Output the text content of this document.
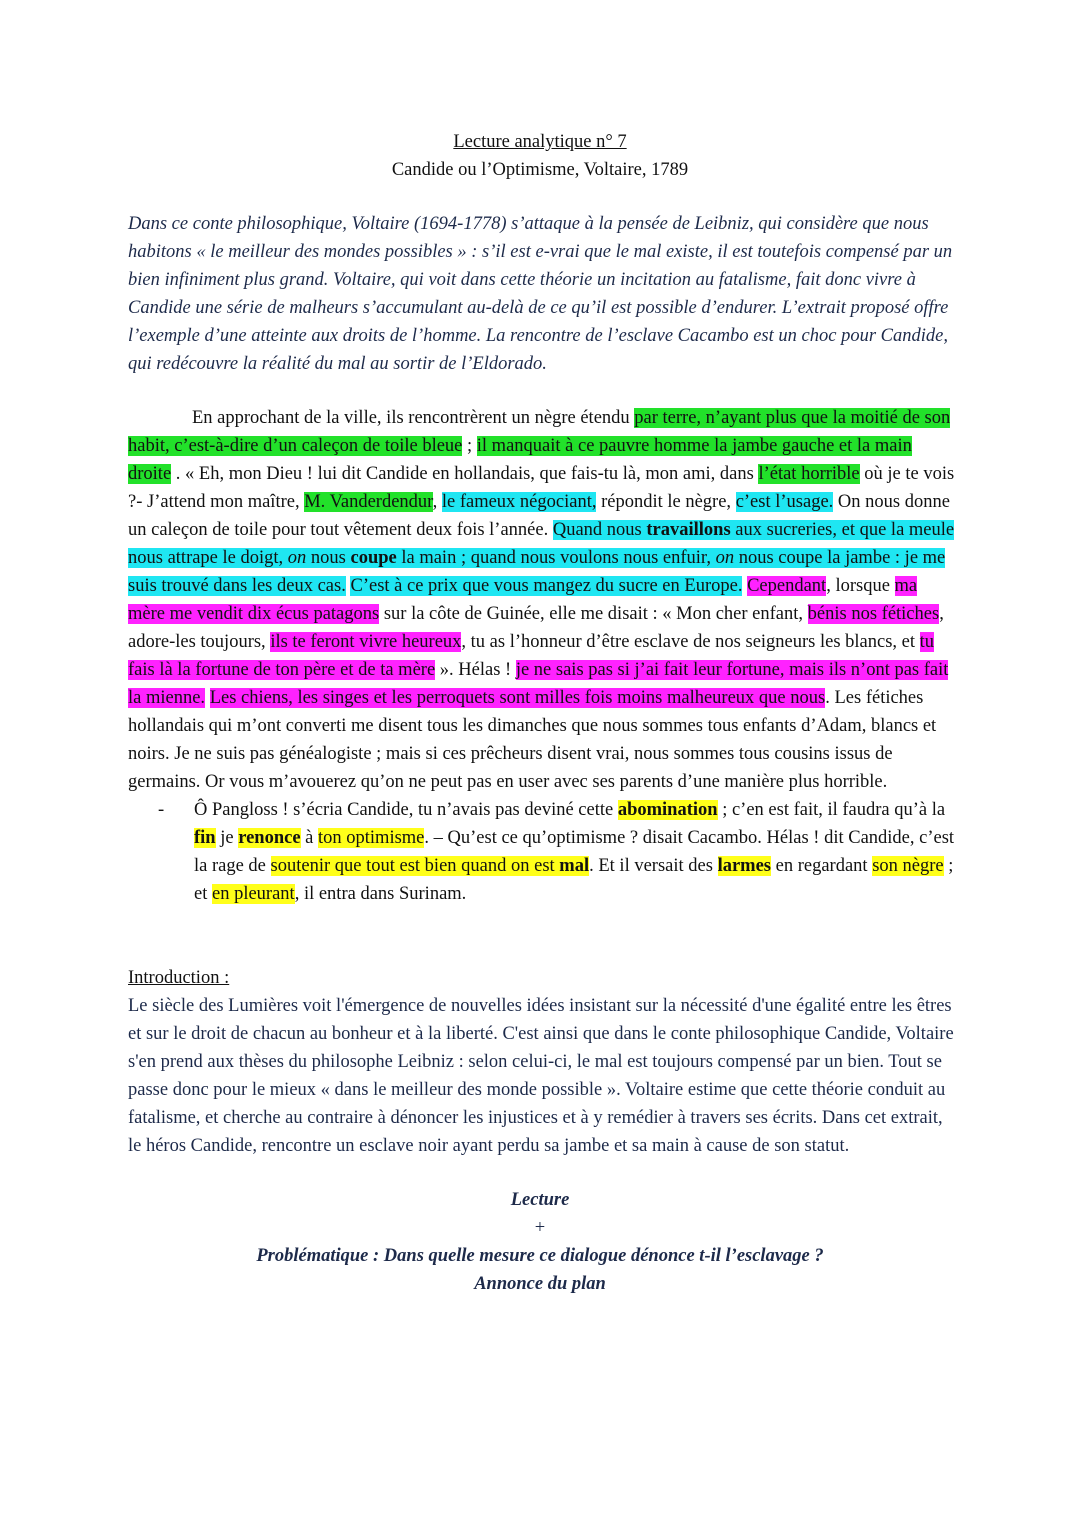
Lecture analytique n° 7
Candide ou l’Optimisme, Voltaire, 1789
Dans ce conte philosophique, Voltaire (1694-1778) s’attaque à la pensée de Leibniz, qui considère que nous habitons « le meilleur des mondes possibles » : s’il est e-vrai que le mal existe, il est toutefois compensé par un bien infiniment plus grand. Voltaire, qui voit dans cette théorie un incitation au fatalisme, fait donc vivre à Candide une série de malheurs s’accumulant au-delà de ce qu’il est possible d’endurer. L’extrait proposé offre l’exemple d’une atteinte aux droits de l’homme. La rencontre de l’esclave Cacambo est un choc pour Candide, qui redécouvre la réalité du mal au sortir de l’Eldorado.

En approchant de la ville, ils rencontrèrent un nègre étendu par terre, n’ayant plus que la moitié de son habit, c’est-à-dire d’un caleçon de toile bleue ; il manquait à ce pauvre homme la jambe gauche et la main droite . « Eh, mon Dieu ! lui dit Candide en hollandais, que fais-tu là, mon ami, dans l’état horrible où je te vois ?- J’attend mon maître, M. Vanderdendur, le fameux négociant, répondit le nègre, c’est l’usage. On nous donne un caleçon de toile pour tout vêtement deux fois l’année. Quand nous travaillons aux sucreries, et que la meule nous attrape le doigt, on nous coupe la main ; quand nous voulons nous enfuir, on nous coupe la jambe : je me suis trouvé dans les deux cas. C’est à ce prix que vous mangez du sucre en Europe. Cependant, lorsque ma mère me vendit dix écus patagons sur la côte de Guinée, elle me disait : « Mon cher enfant, bénis nos fétiches, adore-les toujours, ils te feront vivre heureux, tu as l’honneur d’être esclave de nos seigneurs les blancs, et tu fais là la fortune de ton père et de ta mère ». Hélas ! je ne sais pas si j’ai fait leur fortune, mais ils n’ont pas fait la mienne. Les chiens, les singes et les perroquets sont milles fois moins malheureux que nous. Les fétiches hollandais qui m’ont converti me disent tous les dimanches que nous sommes tous enfants d’Adam, blancs et noirs. Je ne suis pas généalogiste ; mais si ces prêcheurs disent vrai, nous sommes tous cousins issus de germains. Or vous m’avouerez qu’on ne peut pas en user avec ses parents d’une manière plus horrible.

- Ô Pangloss ! s’écria Candide, tu n’avais pas deviné cette abomination ; c’en est fait, il faudra qu’à la fin je renonce à ton optimisme. – Qu’est ce qu’optimisme ? disait Cacambo. Hélas ! dit Candide, c’est la rage de soutenir que tout est bien quand on est mal. Et il versait des larmes en regardant son nègre ; et en pleurant, il entra dans Surinam.

Introduction :
Le siècle des Lumières voit l'émergence de nouvelles idées insistant sur la nécessité d'une égalité entre les êtres et sur le droit de chacun au bonheur et à la liberté. C'est ainsi que dans le conte philosophique Candide, Voltaire s'en prend aux thèses du philosophe Leibniz : selon celui-ci, le mal est toujours compensé par un bien. Tout se passe donc pour le mieux « dans le meilleur des monde possible ». Voltaire estime que cette théorie conduit au fatalisme, et cherche au contraire à dénoncer les injustices et à y remédier à travers ses écrits. Dans cet extrait, le héros Candide, rencontre un esclave noir ayant perdu sa jambe et sa main à cause de son statut.
Lecture
+
Problématique : Dans quelle mesure ce dialogue dénonce t-il l’esclavage ?
Annonce du plan
